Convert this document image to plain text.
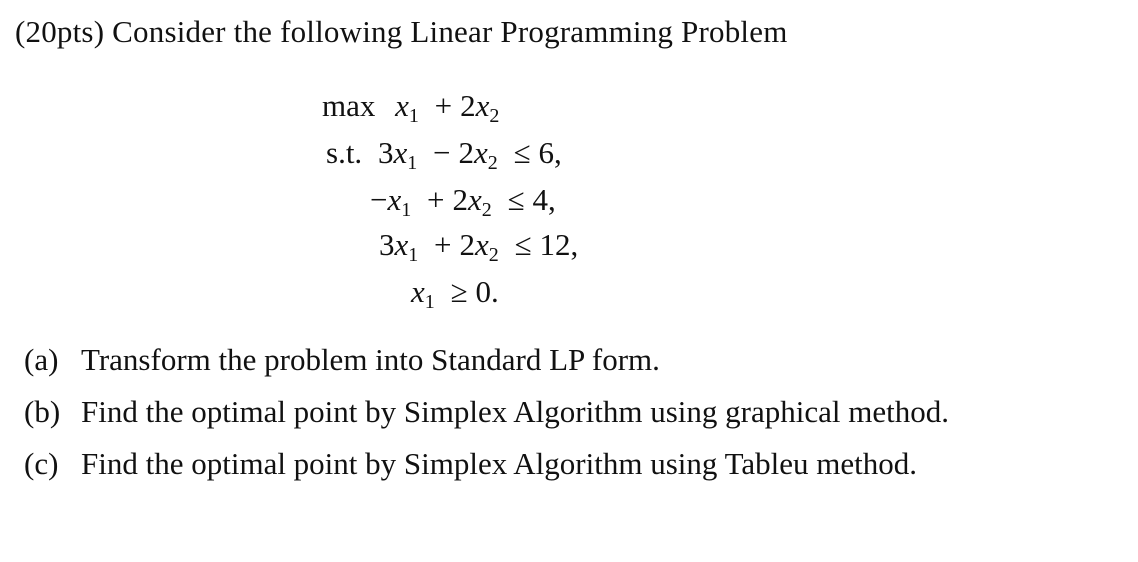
(20pts) Consider the following Linear Programming Problem
$\max x_1 + 2x_2$
s.t. $3x_1 - 2x_2 \le 6$,
$-x_1 + 2x_2 \le 4$,
$3x_1 + 2x_2 \le 12$,
$x_1 \ge 0$.
(a) Transform the problem into Standard LP form.
(b) Find the optimal point by Simplex Algorithm using graphical method.
(c) Find the optimal point by Simplex Algorithm using Tableu method.
